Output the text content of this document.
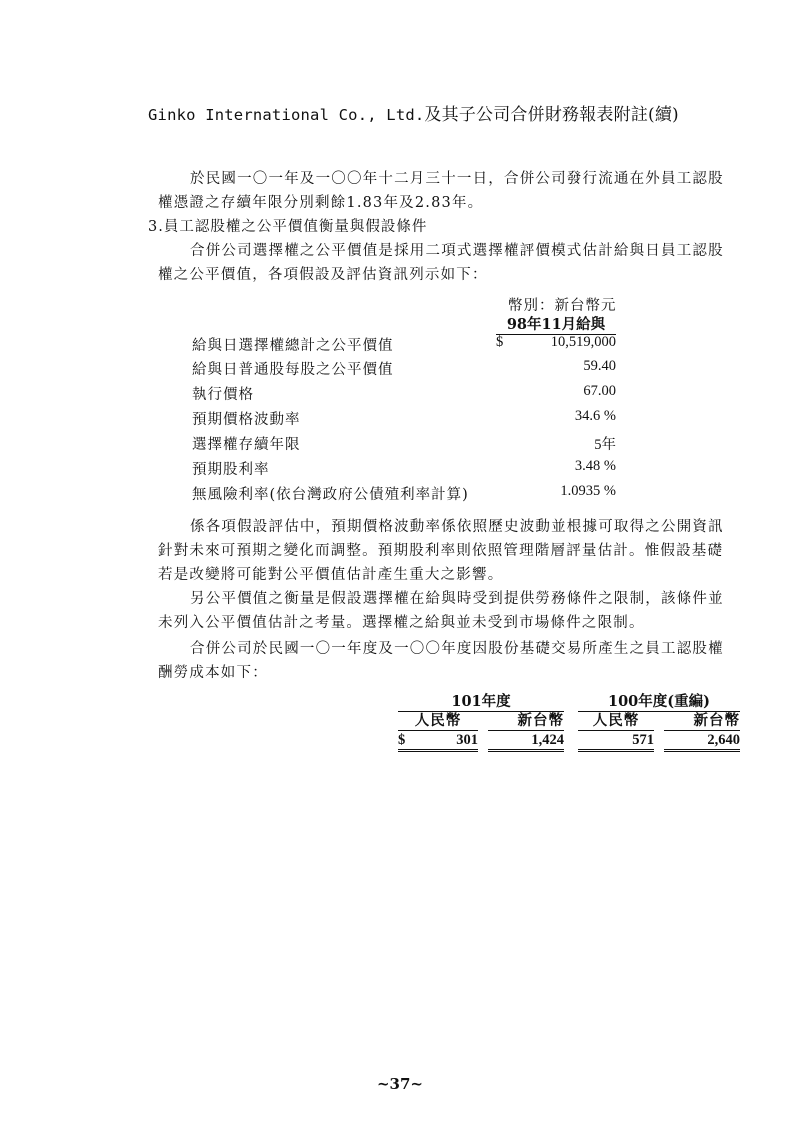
Ginko International Co., Ltd.及其子公司合併財務報表附註(續)
於民國一〇一年及一〇〇年十二月三十一日，合併公司發行流通在外員工認股
權憑證之存續年限分別剩餘1.83年及2.83年。
3.員工認股權之公平價值衡量與假設條件
合併公司選擇權之公平價值是採用二項式選擇權評價模式估計給與日員工認股
權之公平價值，各項假設及評估資訊列示如下：
幣別：新台幣元
98年11月給與
給與日選擇權總計之公平價值	$	10,519,000
給與日普通股每股之公平價值	59.40
執行價格	67.00
預期價格波動率	34.6 %
選擇權存續年限	5年
預期股利率	3.48 %
無風險利率(依台灣政府公債殖利率計算)	1.0935 %
係各項假設評估中，預期價格波動率係依照歷史波動並根據可取得之公開資訊
針對未來可預期之變化而調整。預期股利率則依照管理階層評量估計。惟假設基礎
若是改變將可能對公平價值估計產生重大之影響。
另公平價值之衡量是假設選擇權在給與時受到提供勞務條件之限制，該條件並
未列入公平價值估計之考量。選擇權之給與並未受到市場條件之限制。
合併公司於民國一〇一年度及一〇〇年度因股份基礎交易所產生之員工認股權
酬勞成本如下：
101年度	100年度(重編)
人民幣	新台幣	人民幣	新台幣
$	301	1,424	571	2,640
~37~
